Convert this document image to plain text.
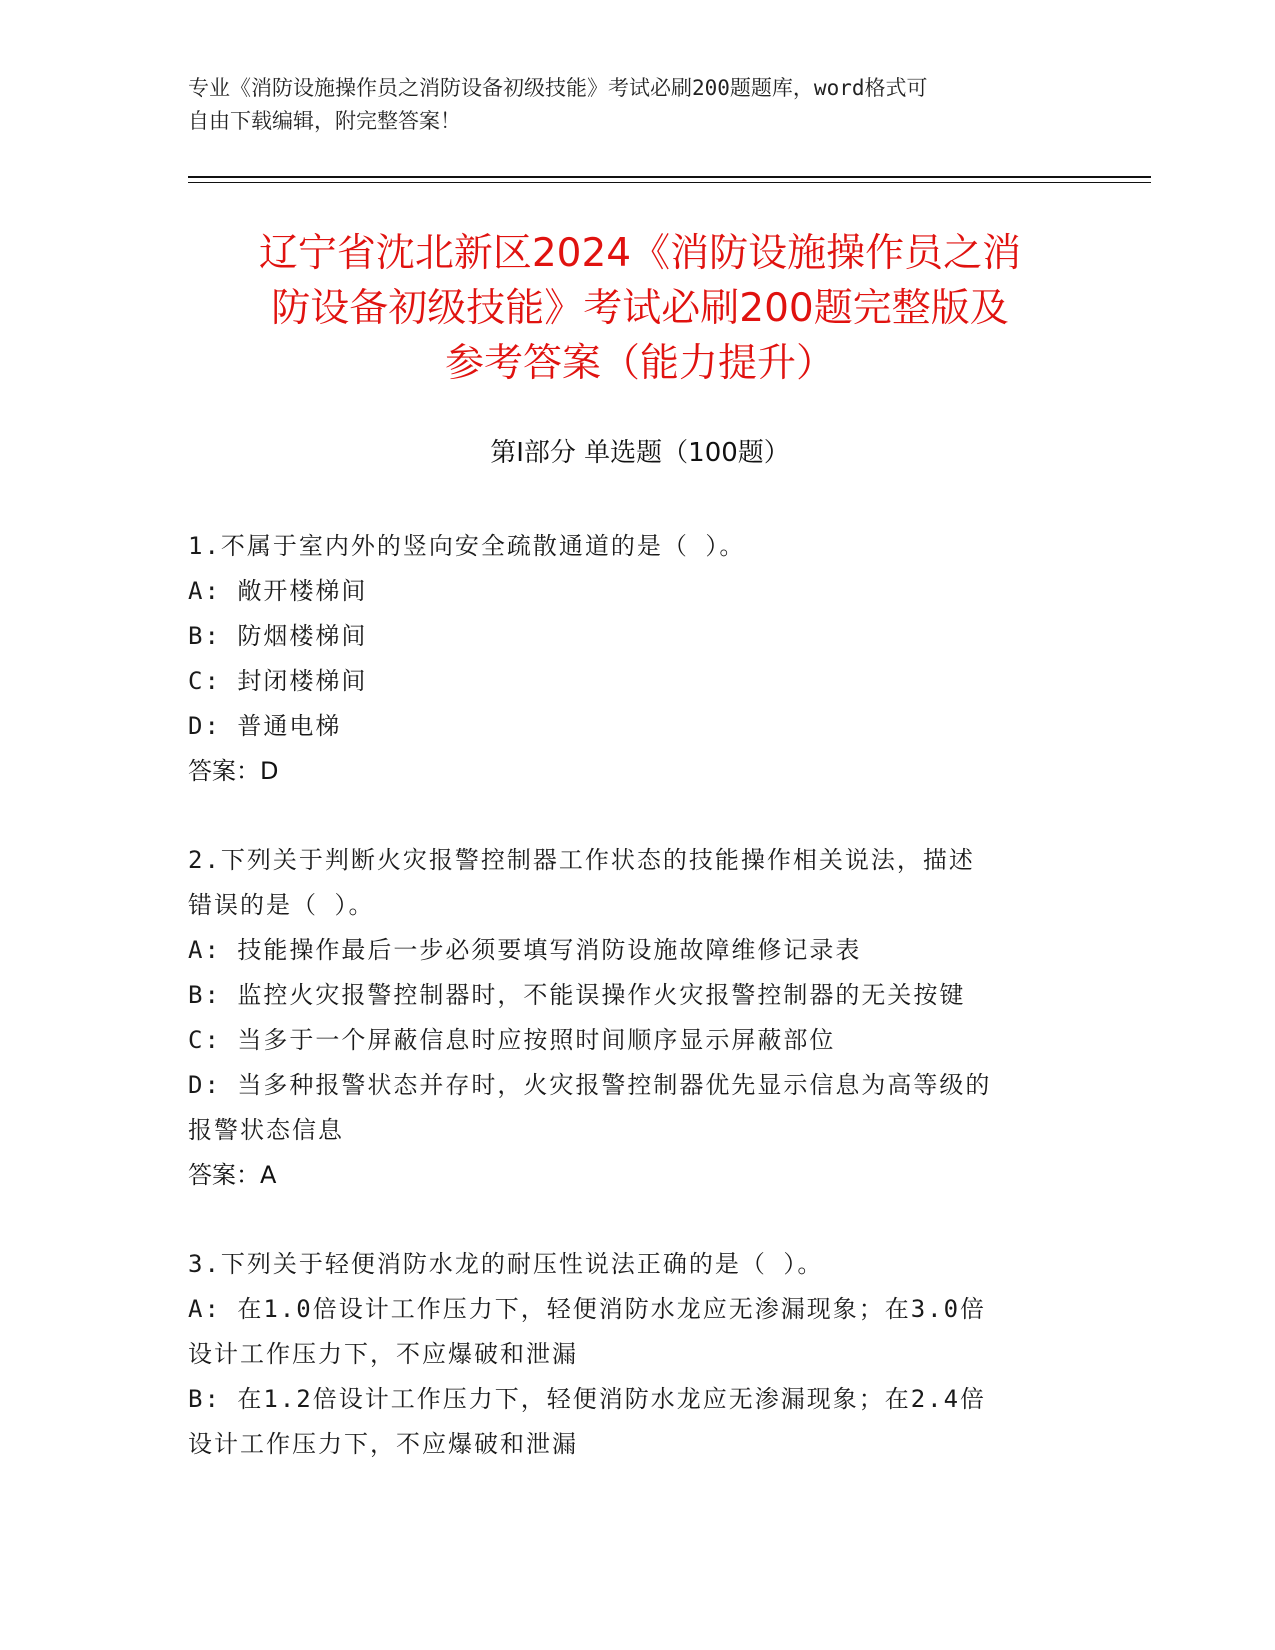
专业《消防设施操作员之消防设备初级技能》考试必刷200题题库，word格式可
自由下载编辑，附完整答案！
辽宁省沈北新区2024《消防设施操作员之消
防设备初级技能》考试必刷200题完整版及
参考答案（能力提升）
第I部分 单选题（100题）
1.不属于室内外的竖向安全疏散通道的是（ ）。
A: 敞开楼梯间
B: 防烟楼梯间
C: 封闭楼梯间
D: 普通电梯
答案：D
2.下列关于判断火灾报警控制器工作状态的技能操作相关说法，描述
错误的是（ ）。
A: 技能操作最后一步必须要填写消防设施故障维修记录表
B: 监控火灾报警控制器时，不能误操作火灾报警控制器的无关按键
C: 当多于一个屏蔽信息时应按照时间顺序显示屏蔽部位
D: 当多种报警状态并存时，火灾报警控制器优先显示信息为高等级的
报警状态信息
答案：A
3.下列关于轻便消防水龙的耐压性说法正确的是（ ）。
A: 在1.0倍设计工作压力下，轻便消防水龙应无渗漏现象；在3.0倍
设计工作压力下，不应爆破和泄漏
B: 在1.2倍设计工作压力下，轻便消防水龙应无渗漏现象；在2.4倍
设计工作压力下，不应爆破和泄漏
